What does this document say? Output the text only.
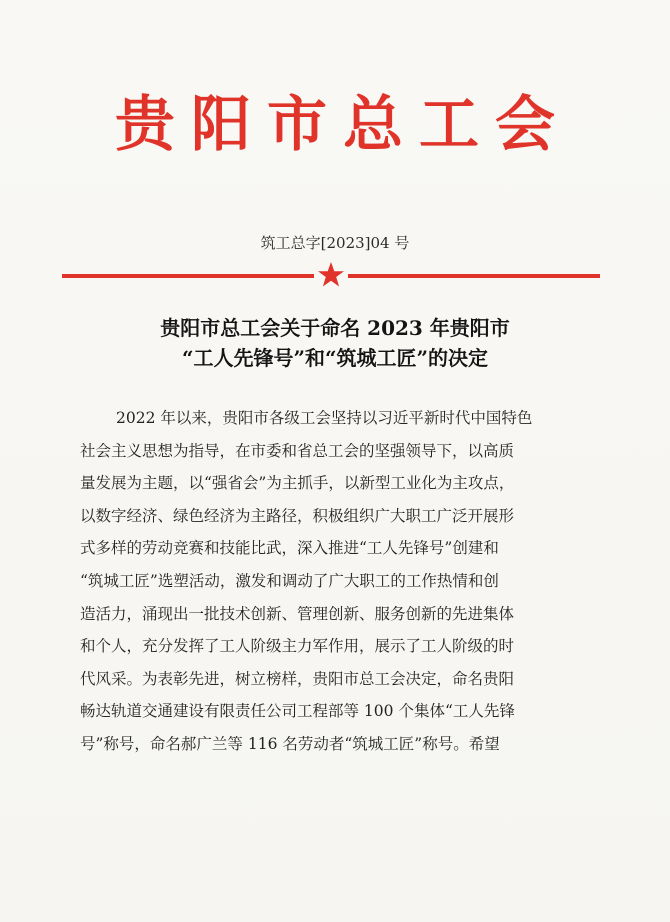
贵阳市总工会
筑工总字[2023]04 号
贵阳市总工会关于命名 2023 年贵阳市
“工人先锋号”和“筑城工匠”的决定
2022 年以来，贵阳市各级工会坚持以习近平新时代中国特色
社会主义思想为指导，在市委和省总工会的坚强领导下，以高质
量发展为主题，以“强省会”为主抓手，以新型工业化为主攻点，
以数字经济、绿色经济为主路径，积极组织广大职工广泛开展形
式多样的劳动竞赛和技能比武，深入推进“工人先锋号”创建和
“筑城工匠”选塑活动，激发和调动了广大职工的工作热情和创
造活力，涌现出一批技术创新、管理创新、服务创新的先进集体
和个人，充分发挥了工人阶级主力军作用，展示了工人阶级的时
代风采。为表彰先进，树立榜样，贵阳市总工会决定，命名贵阳
畅达轨道交通建设有限责任公司工程部等 100 个集体“工人先锋
号”称号，命名郝广兰等 116 名劳动者“筑城工匠”称号。希望
